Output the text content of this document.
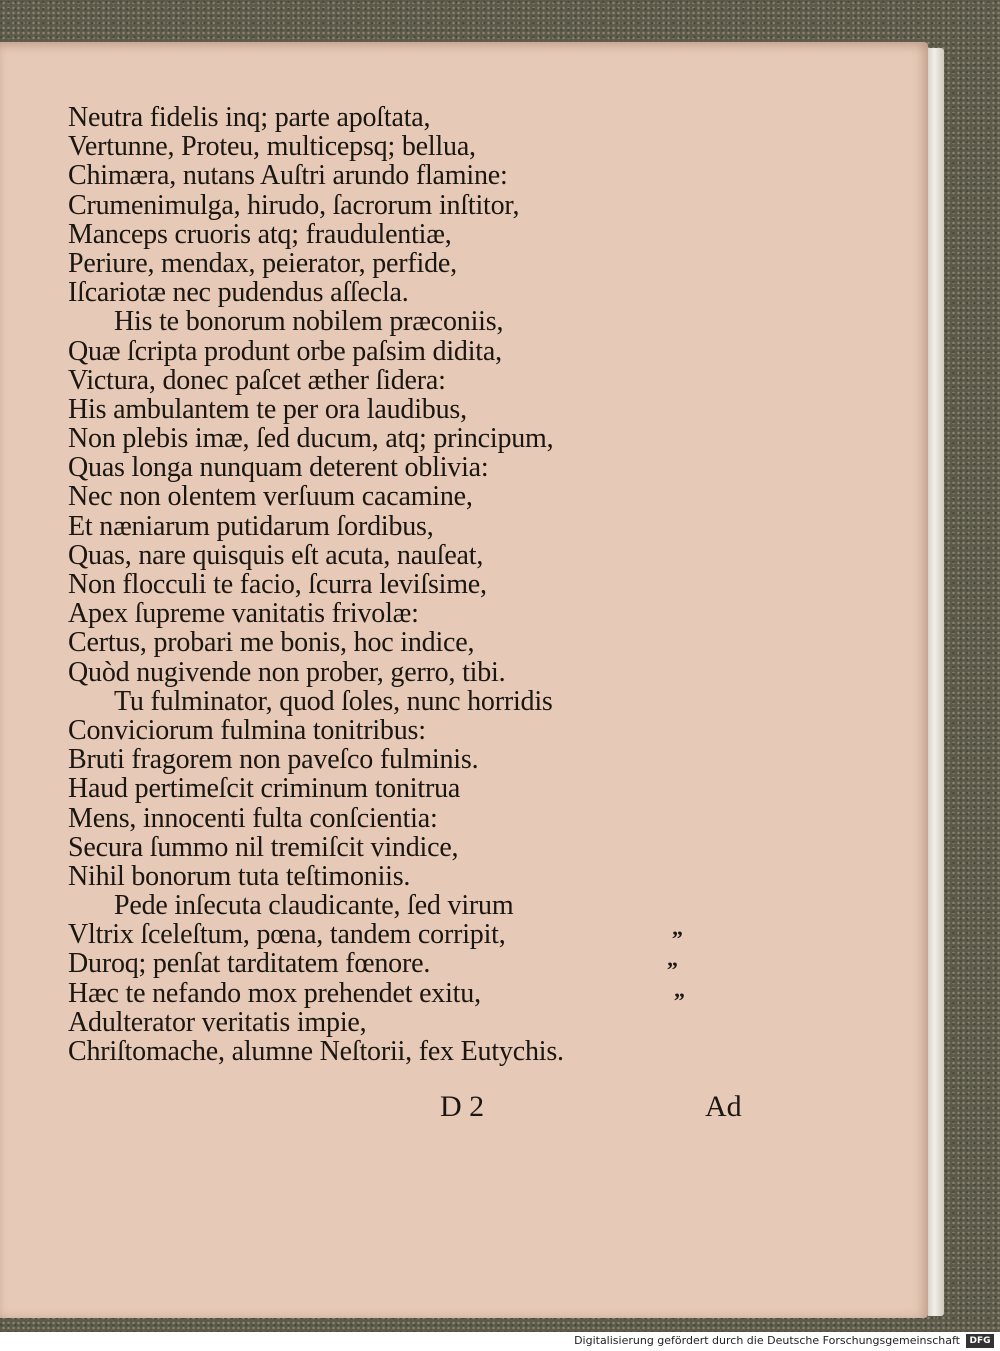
Neutra fidelis inq; parte apoſtata,
Vertunne, Proteu, multicepsq; bellua,
Chimæra, nutans Auſtri arundo flamine:
Crumenimulga, hirudo, ſacrorum inſtitor,
Manceps cruoris atq; fraudulentiæ,
Periure, mendax, peierator, perfide,
Iſcariotæ nec pudendus aſſecla.
His te bonorum nobilem præconiis,
Quæ ſcripta produnt orbe paſsim didita,
Victura, donec paſcet æther ſidera:
His ambulantem te per ora laudibus,
Non plebis imæ, ſed ducum, atq; principum,
Quas longa nunquam deterent oblivia:
Nec non olentem verſuum cacamine,
Et næniarum putidarum ſordibus,
Quas, nare quisquis eſt acuta, nauſeat,
Non flocculi te facio, ſcurra leviſsime,
Apex ſupreme vanitatis frivolæ:
Certus, probari me bonis, hoc indice,
Quòd nugivende non prober, gerro, tibi.
Tu fulminator, quod ſoles, nunc horridis
Conviciorum fulmina tonitribus:
Bruti fragorem non paveſco fulminis.
Haud pertimeſcit criminum tonitrua
Mens, innocenti fulta conſcientia:
Secura ſummo nil tremiſcit vindice,
Nihil bonorum tuta teſtimoniis.
Pede inſecuta claudicante, ſed virum
Vltrix ſceleſtum, pœna, tandem corripit,
Duroq; penſat tarditatem fœnore.
Hæc te nefando mox prehendet exitu,
Adulterator veritatis impie,
Chriſtomache, alumne Neſtorii, fex Eutychis.
„
„
„
D 2	Ad
Digitalisierung gefördert durch die Deutsche Forschungsgemeinschaft	DFG
